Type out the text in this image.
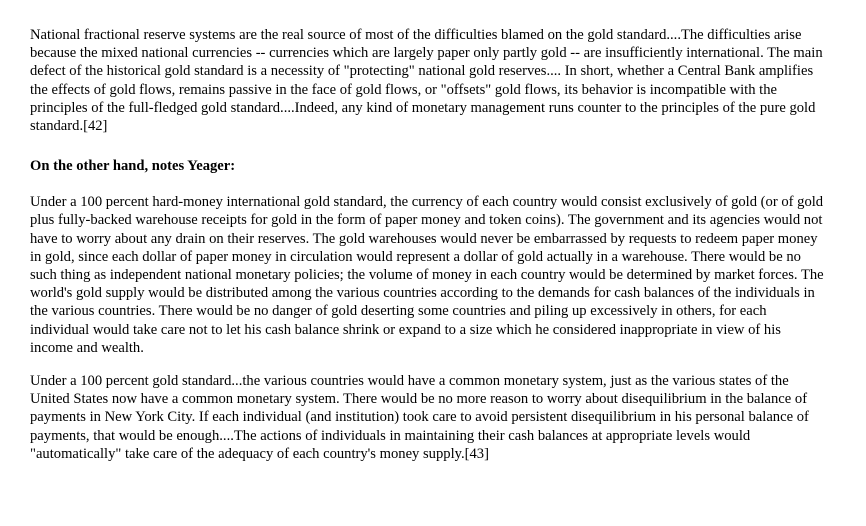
National fractional reserve systems are the real source of most of the difficulties blamed on the gold standard....The difficulties arise because the mixed national currencies -- currencies which are largely paper only partly gold -- are insufficiently international. The main defect of the historical gold standard is a necessity of "protecting" national gold reserves.... In short, whether a Central Bank amplifies the effects of gold flows, remains passive in the face of gold flows, or "offsets" gold flows, its behavior is incompatible with the principles of the full-fledged gold standard....Indeed, any kind of monetary management runs counter to the principles of the pure gold standard.[42]

On the other hand, notes Yeager:

Under a 100 percent hard-money international gold standard, the currency of each country would consist exclusively of gold (or of gold plus fully-backed warehouse receipts for gold in the form of paper money and token coins). The government and its agencies would not have to worry about any drain on their reserves. The gold warehouses would never be embarrassed by requests to redeem paper money in gold, since each dollar of paper money in circulation would represent a dollar of gold actually in a warehouse. There would be no such thing as independent national monetary policies; the volume of money in each country would be determined by market forces. The world's gold supply would be distributed among the various countries according to the demands for cash balances of the individuals in the various countries. There would be no danger of gold deserting some countries and piling up excessively in others, for each individual would take care not to let his cash balance shrink or expand to a size which he considered inappropriate in view of his income and wealth.

Under a 100 percent gold standard...the various countries would have a common monetary system, just as the various states of the United States now have a common monetary system. There would be no more reason to worry about disequilibrium in the balance of payments in New York City. If each individual (and institution) took care to avoid persistent disequilibrium in his personal balance of payments, that would be enough....The actions of individuals in maintaining their cash balances at appropriate levels would "automatically" take care of the adequacy of each country's money supply.[43]
